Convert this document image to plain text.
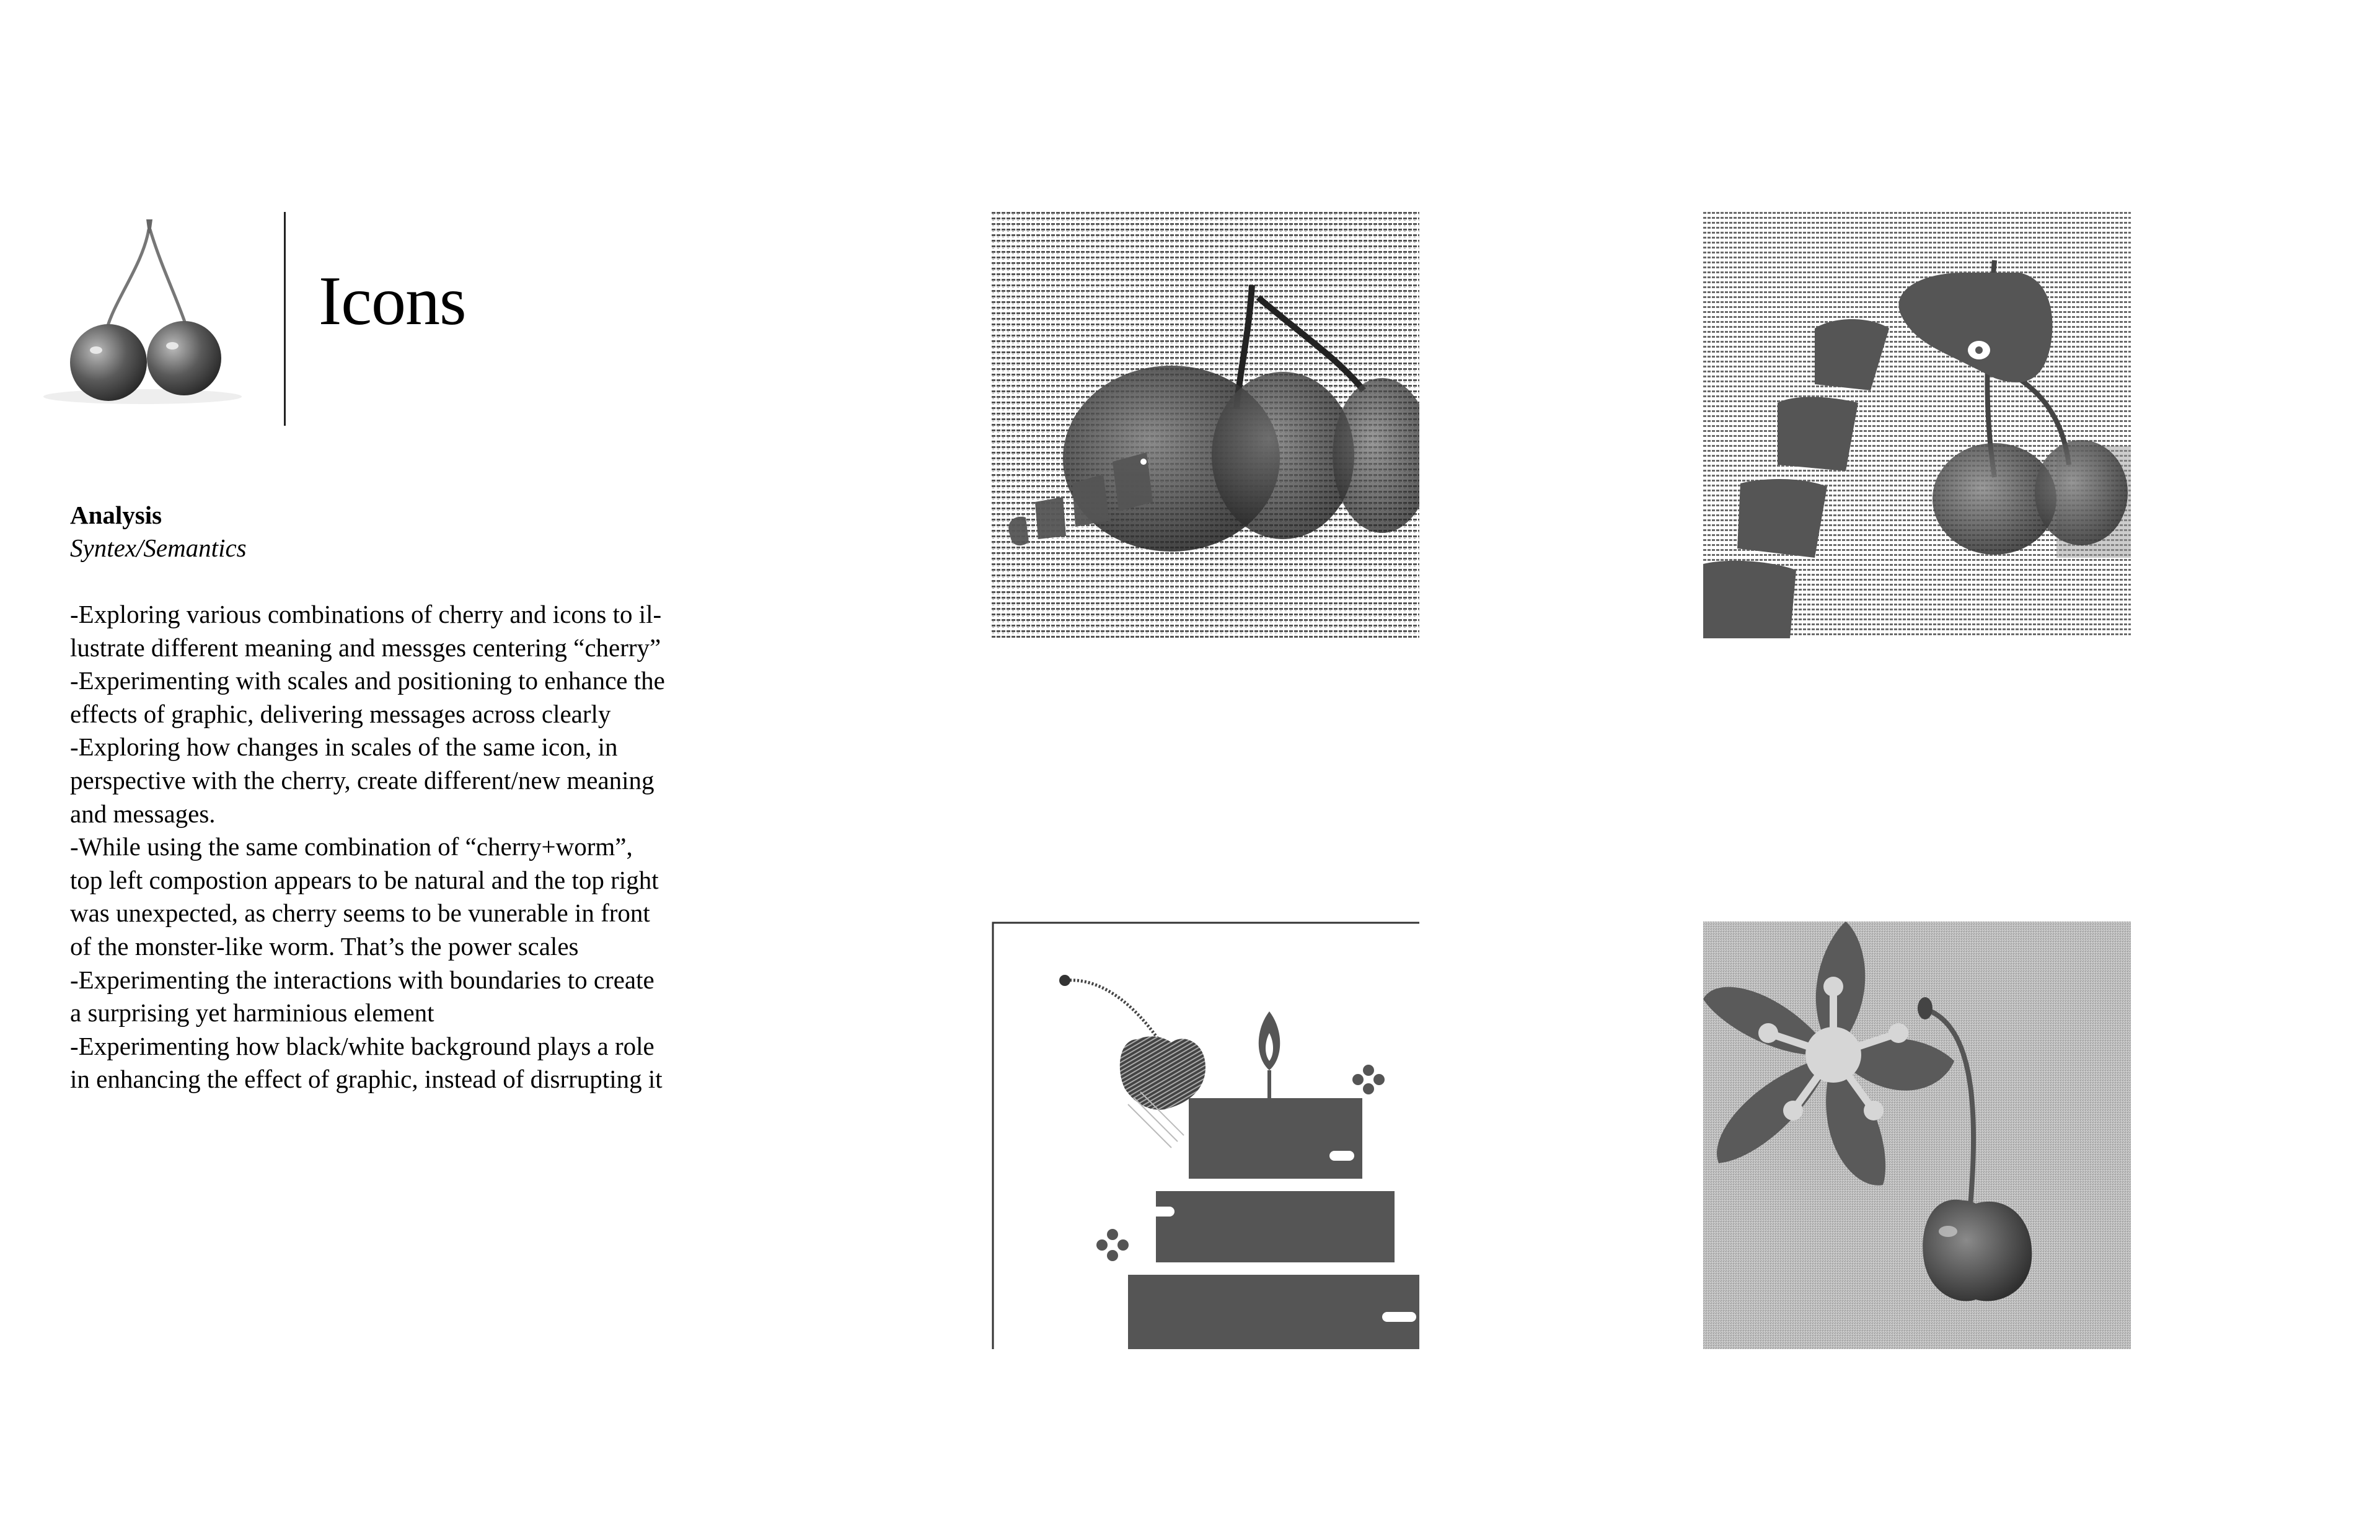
Icons
Analysis
Syntex/Semantics
-Exploring various combinations of cherry and icons to il-
lustrate different meaning and messges centering “cherry”
-Experimenting with scales and positioning to enhance the
effects of graphic, delivering messages across clearly
-Exploring how changes in scales of the same icon, in
perspective with the cherry, create different/new meaning
and messages.
-While using the same combination of “cherry+worm”,
top left compostion appears to be natural and the top right
was unexpected, as cherry seems to be vunerable in front
of the monster-like worm. That’s the power scales
-Experimenting the interactions with boundaries to create
a surprising yet harminious element
-Experimenting how black/white background plays a role
in enhancing the effect of graphic, instead of disrrupting it
